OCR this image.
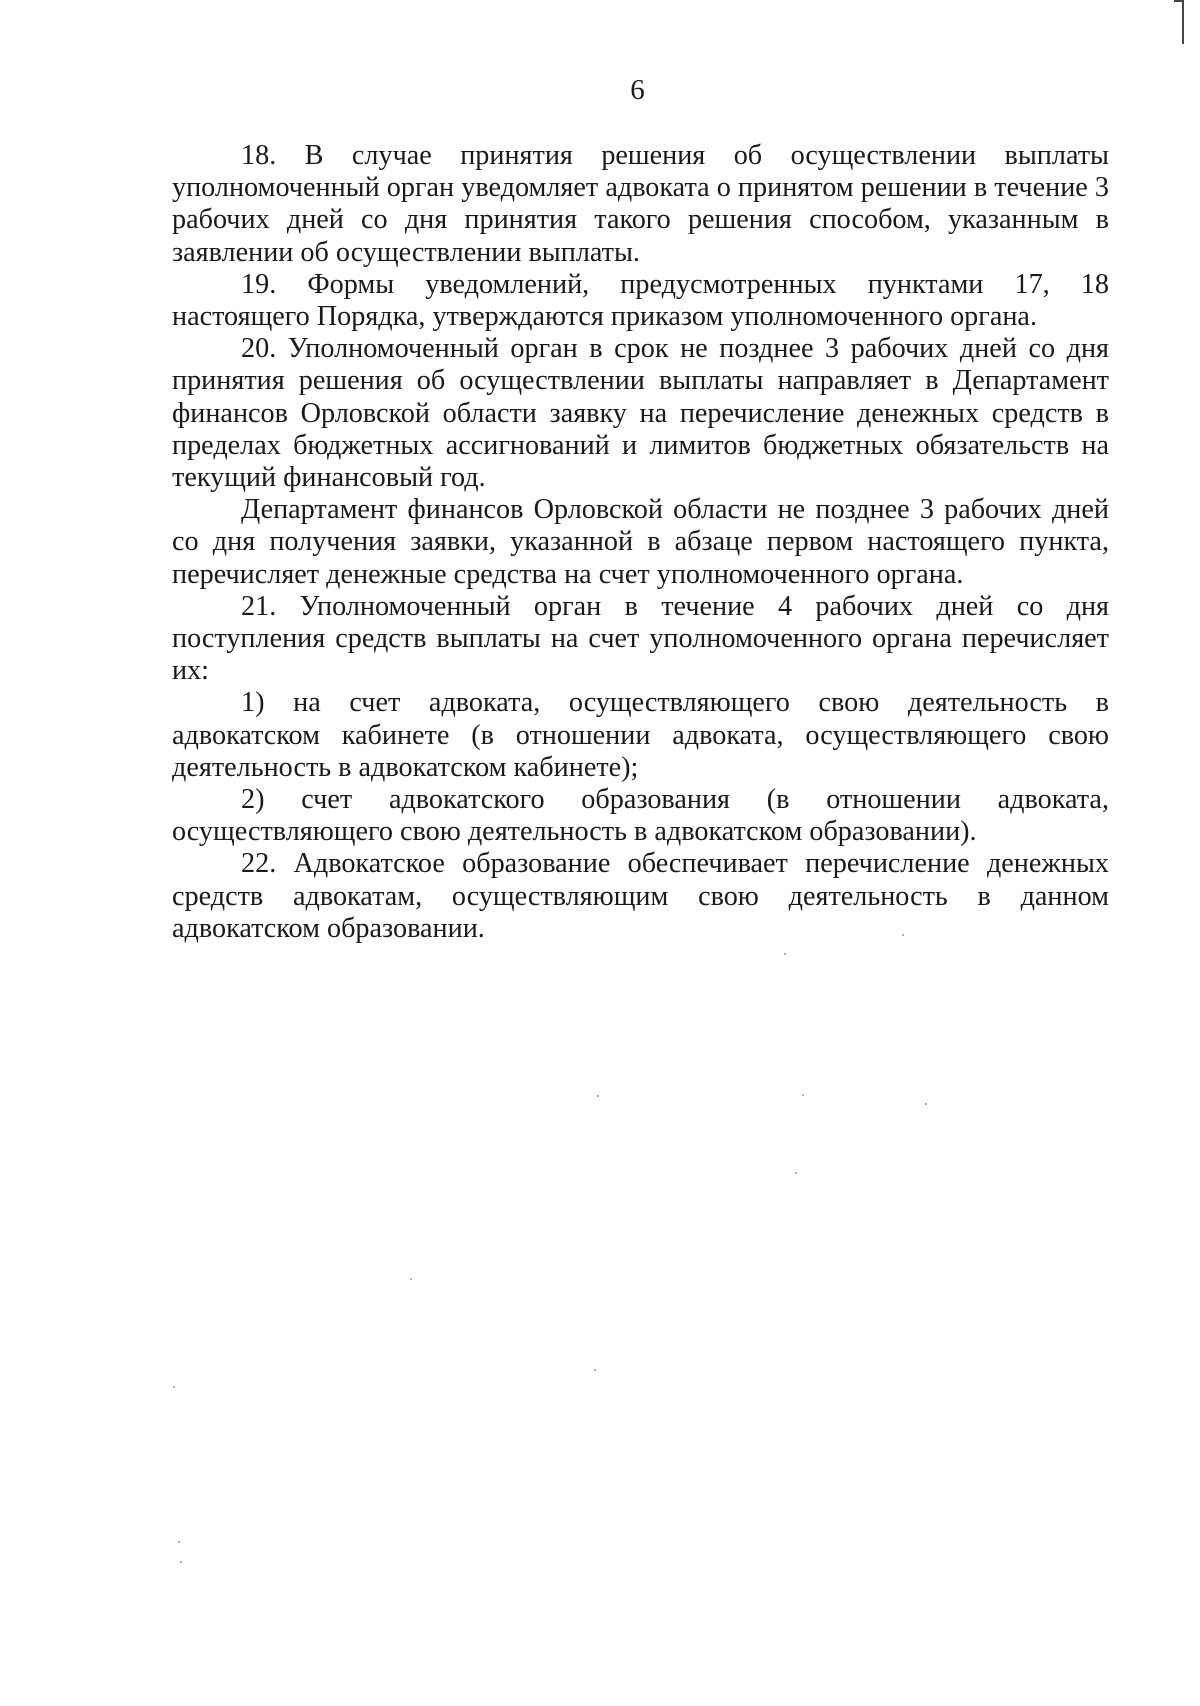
6

18. В случае принятия решения об осуществлении выплаты уполномоченный орган уведомляет адвоката о принятом решении в течение 3 рабочих дней со дня принятия такого решения способом, указанным в заявлении об осуществлении выплаты.

19. Формы уведомлений, предусмотренных пунктами 17, 18 настоящего Порядка, утверждаются приказом уполномоченного органа.

20. Уполномоченный орган в срок не позднее 3 рабочих дней со дня принятия решения об осуществлении выплаты направляет в Департамент финансов Орловской области заявку на перечисление денежных средств в пределах бюджетных ассигнований и лимитов бюджетных обязательств на текущий финансовый год.

Департамент финансов Орловской области не позднее 3 рабочих дней со дня получения заявки, указанной в абзаце первом настоящего пункта, перечисляет денежные средства на счет уполномоченного органа.

21. Уполномоченный орган в течение 4 рабочих дней со дня поступления средств выплаты на счет уполномоченного органа перечисляет их:

1) на счет адвоката, осуществляющего свою деятельность в адвокатском кабинете (в отношении адвоката, осуществляющего свою деятельность в адвокатском кабинете);

2) счет адвокатского образования (в отношении адвоката, осуществляющего свою деятельность в адвокатском образовании).

22. Адвокатское образование обеспечивает перечисление денежных средств адвокатам, осуществляющим свою деятельность в данном адвокатском образовании.
